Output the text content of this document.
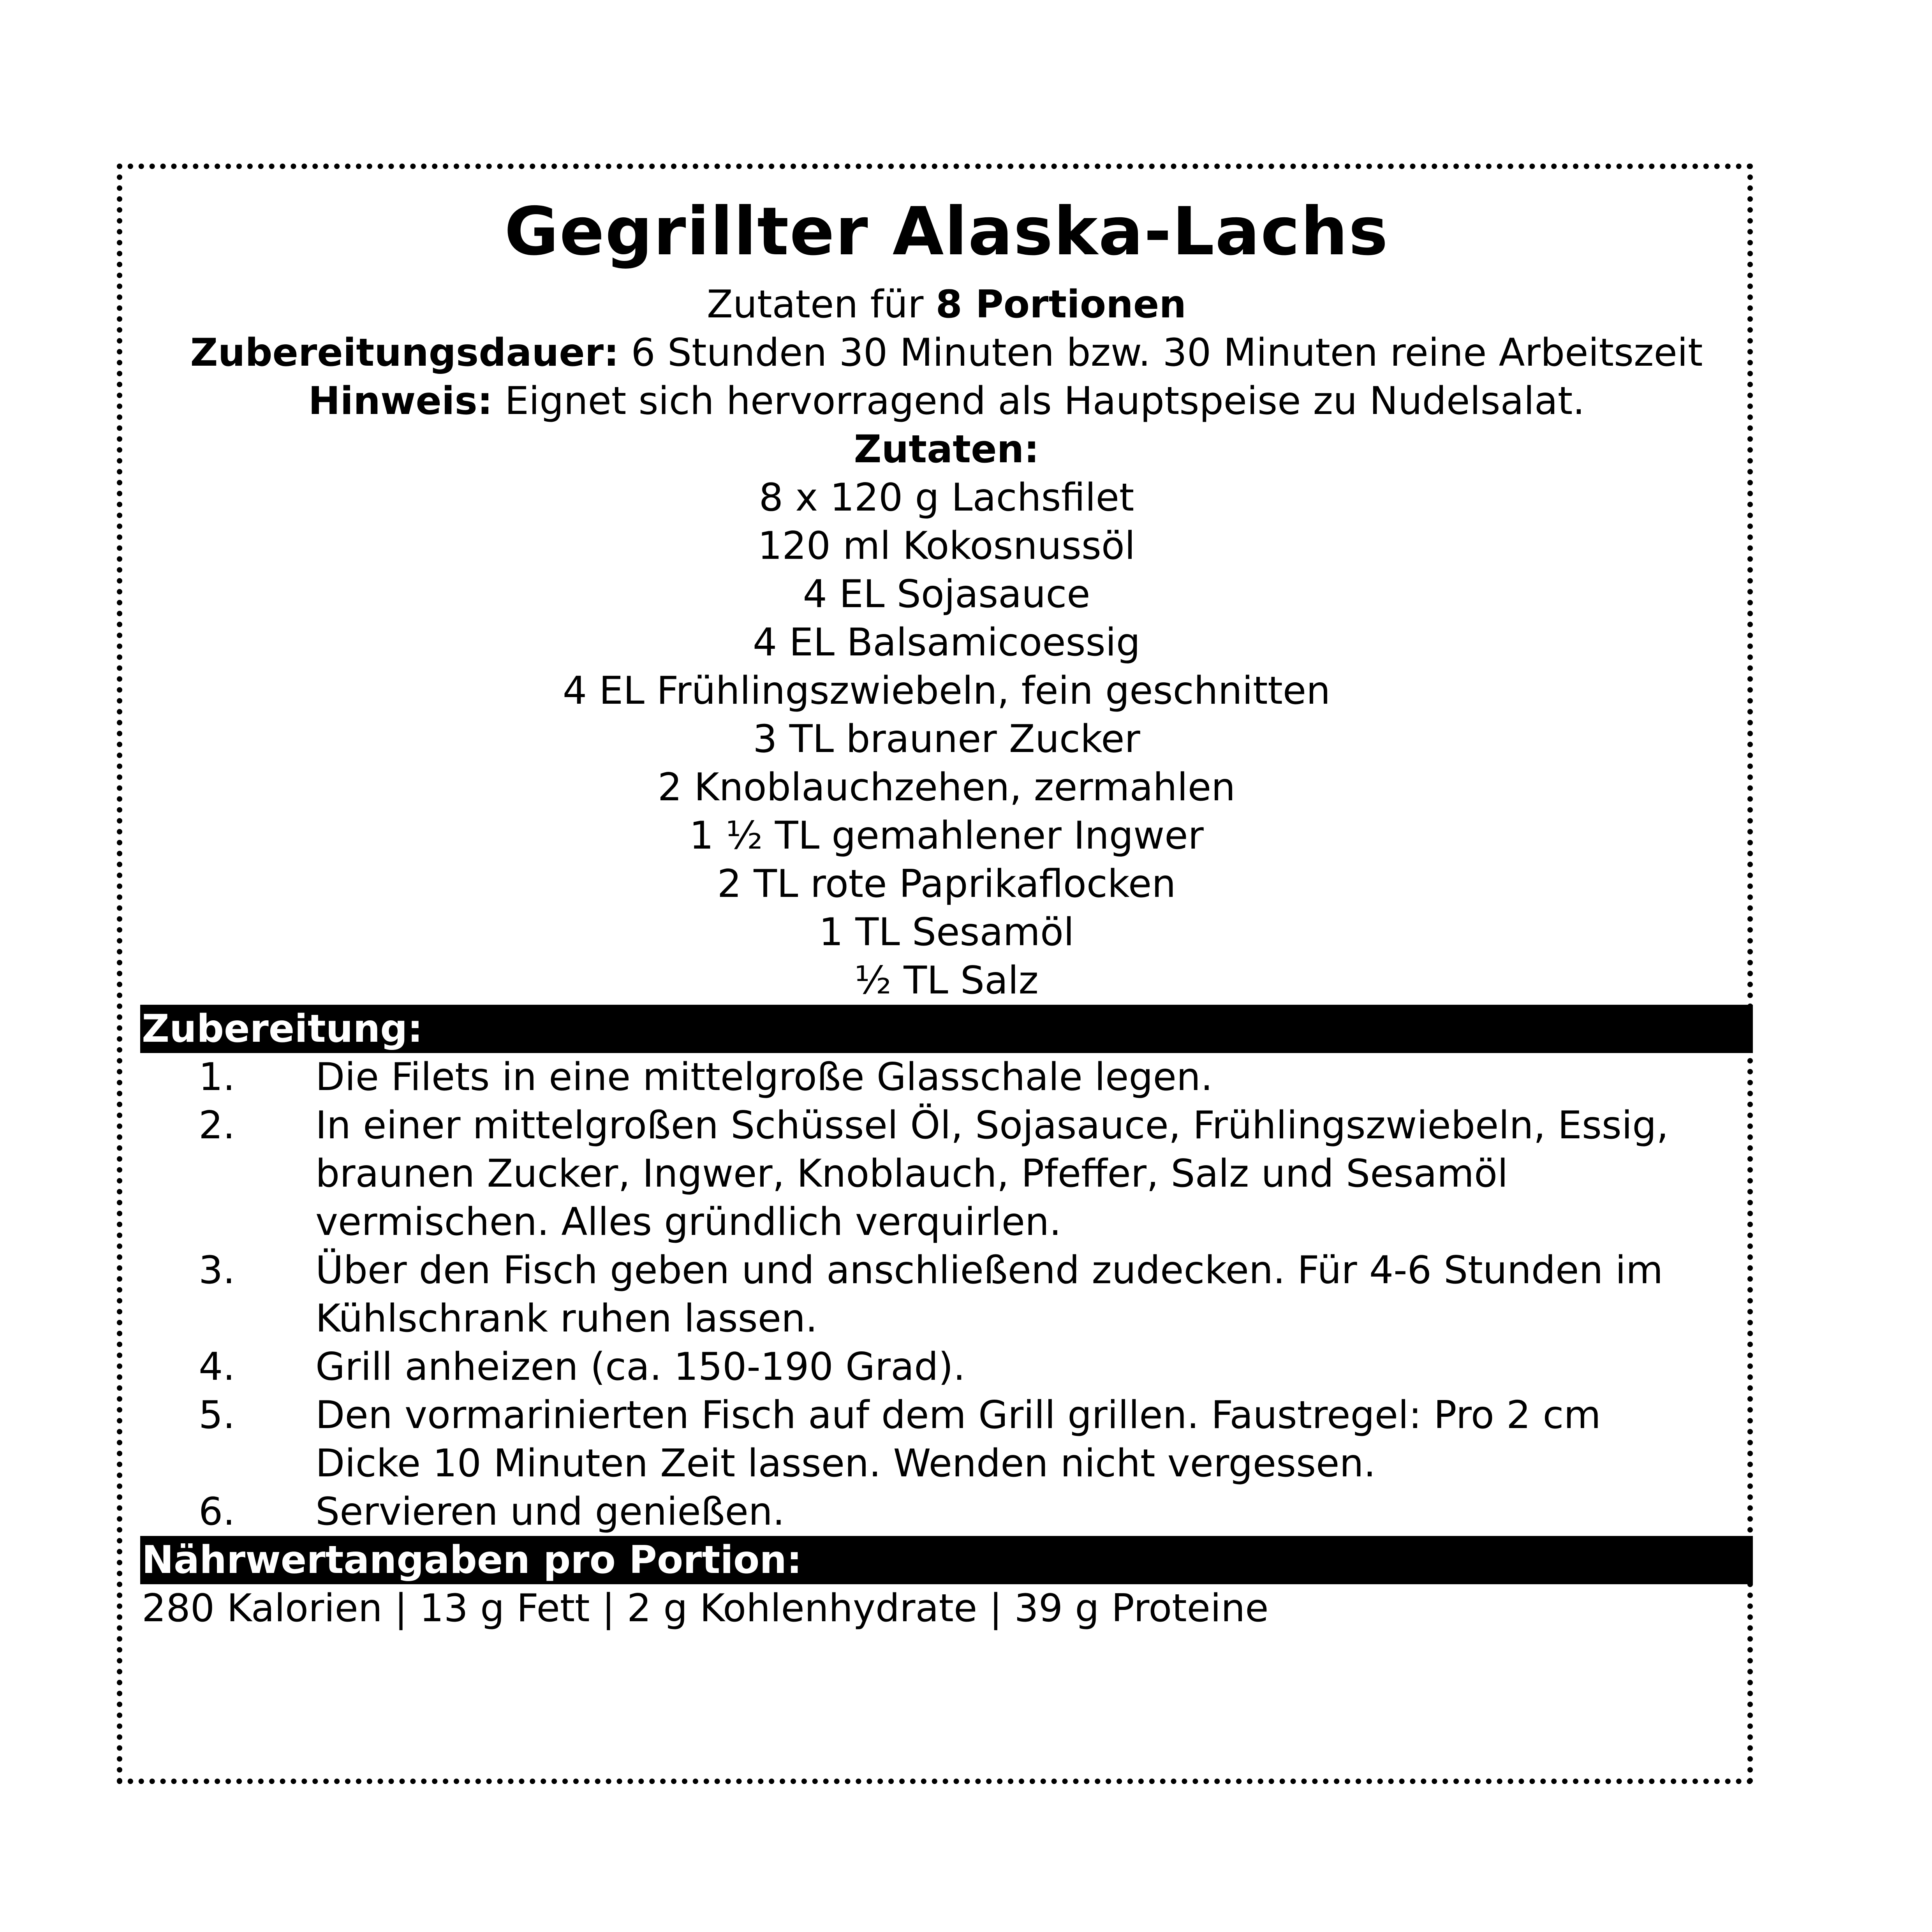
Gegrillter Alaska-Lachs

Zutaten für 8 Portionen

Zubereitungsdauer: 6 Stunden 30 Minuten bzw. 30 Minuten reine Arbeitszeit

Hinweis: Eignet sich hervorragend als Hauptspeise zu Nudelsalat.

Zutaten:

8 x 120 g Lachsfilet
120 ml Kokosnussöl
4 EL Sojasauce
4 EL Balsamicoessig
4 EL Frühlingszwiebeln, fein geschnitten
3 TL brauner Zucker
2 Knoblauchzehen, zermahlen
1 ½ TL gemahlener Ingwer
2 TL rote Paprikaflocken
1 TL Sesamöl
½ TL Salz
Zubereitung:
1.	Die Filets in eine mittelgroße Glasschale legen.
2.	In einer mittelgroßen Schüssel Öl, Sojasauce, Frühlingszwiebeln, Essig, braunen Zucker, Ingwer, Knoblauch, Pfeffer, Salz und Sesamöl vermischen. Alles gründlich verquirlen.
3.	Über den Fisch geben und anschließend zudecken. Für 4-6 Stunden im Kühlschrank ruhen lassen.
4.	Grill anheizen (ca. 150-190 Grad).
5.	Den vormarinierten Fisch auf dem Grill grillen. Faustregel: Pro 2 cm Dicke 10 Minuten Zeit lassen. Wenden nicht vergessen.
6.	Servieren und genießen.
Nährwertangaben pro Portion:

280 Kalorien | 13 g Fett | 2 g Kohlenhydrate | 39 g Proteine
